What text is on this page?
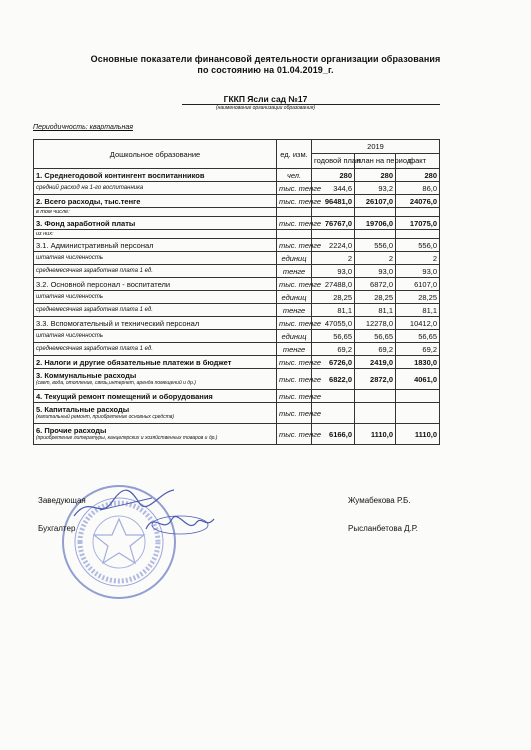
Основные показатели финансовой деятельности организации образования
по состоянию на 01.04.2019_г.
ГККП Ясли сад №17
(наименование организации образования)
Периодичность: квартальная
Дошкольное образование	ед. изм.	2019		
		годовой план	план на период	факт
1. Среднегодовой контингент воспитанников	чел.	280	280	280
средний расход на 1-го воспитанника	тыс. тенге	344,6	93,2	86,0
2. Всего расходы, тыс.тенге	тыс. тенге	96481,0	26107,0	24076,0
в том числе:				
3. Фонд заработной платы	тыс. тенге	76767,0	19706,0	17075,0
из них:				
3.1. Административный персонал	тыс. тенге	2224,0	556,0	556,0
штатная численность	единиц	2	2	2
среднемесячная заработная плата 1 ед.	тенге	93,0	93,0	93,0
3.2. Основной персонал - воспитатели	тыс. тенге	27488,0	6872,0	6107,0
штатная численность	единиц	28,25	28,25	28,25
среднемесячная заработная плата 1 ед.	тенге	81,1	81,1	81,1
3.3. Вспомогательный и технический персонал	тыс. тенге	47055,0	12278,0	10412,0
штатная численность	единиц	56,65	56,65	56,65
среднемесячная заработная плата 1 ед.	тенге	69,2	69,2	69,2
2. Налоги и другие обязательные платежи в бюджет	тыс. тенге	6726,0	2419,0	1830,0
3. Коммунальные расходы
(свет, вода, отопление, связь,интернет, аренда помещений и др.)	тыс. тенге	6822,0	2872,0	4061,0
4. Текущий ремонт помещений и оборудования	тыс. тенге			
5. Капитальные расходы
(капитальный ремонт, приобретение основных средств)	тыс. тенге			
6. Прочие расходы
(приобретение литературы, канцелярских и хозяйственных товаров и др.)	тыс. тенге	6166,0	1110,0	1110,0
Заведующая	Жумабекова Р.Б.
Бухгалтер	Рысланбетова Д.Р.
